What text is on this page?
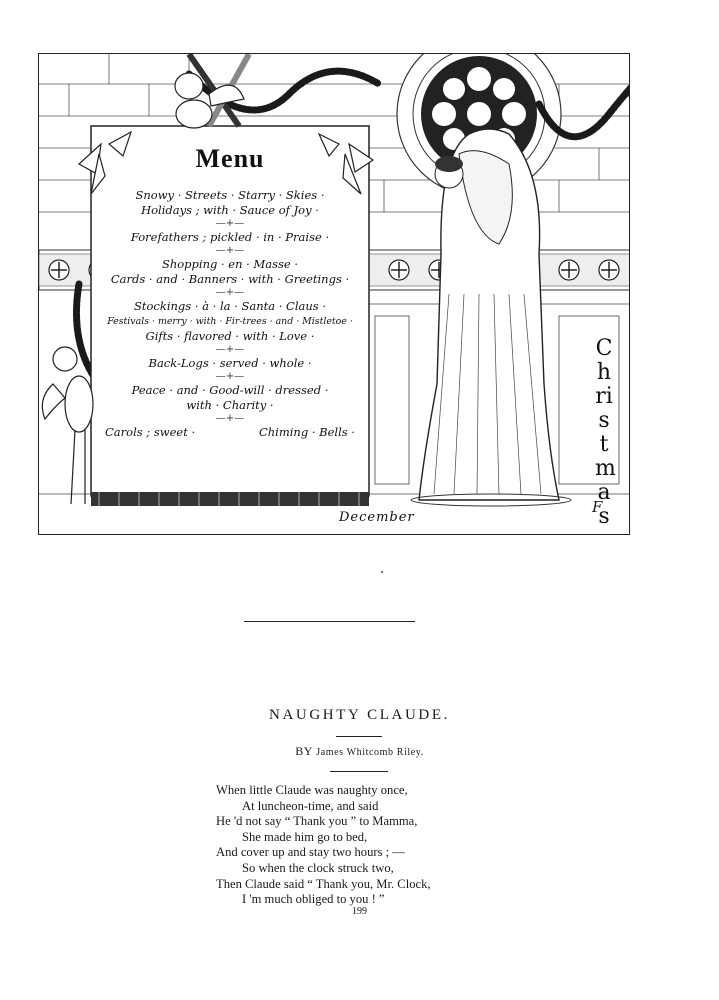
Menu
Snowy · Streets · Starry · Skies ·
Holidays ; with · Sauce of Joy ·
—+—
Forefathers ; pickled · in · Praise ·
—+—
Shopping · en · Masse ·
Cards · and · Banners · with · Greetings ·
—+—
Stockings · à · la · Santa · Claus ·
Festivals · merry · with · Fir-trees · and · Mistletoe ·
Gifts · flavored · with · Love ·
—+—
Back-Logs · served · whole ·
—+—
Peace · and · Good-will · dressed ·
with · Charity ·
—+—
Carols ; sweet ·	Chiming · Bells ·
Christmas
December
F
NAUGHTY CLAUDE.
BY James Whitcomb Riley.
When little Claude was naughty once,
At luncheon-time, and said
He 'd not say “ Thank you ” to Mamma,
She made him go to bed,
And cover up and stay two hours ; —
So when the clock struck two,
Then Claude said “ Thank you, Mr. Clock,
I 'm much obliged to you ! ”
199
